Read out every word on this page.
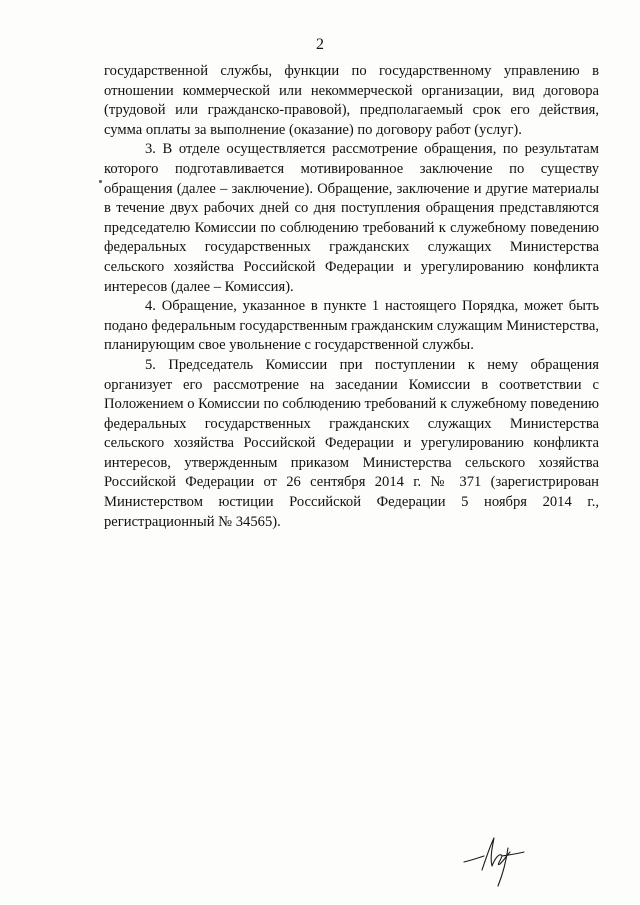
2

государственной службы, функции по государственному управлению в отношении коммерческой или некоммерческой организации, вид договора (трудовой или гражданско-правовой), предполагаемый срок его действия, сумма оплаты за выполнение (оказание) по договору работ (услуг).

3. В отделе осуществляется рассмотрение обращения, по результатам которого подготавливается мотивированное заключение по существу обращения (далее – заключение). Обращение, заключение и другие материалы в течение двух рабочих дней со дня поступления обращения представляются председателю Комиссии по соблюдению требований к служебному поведению федеральных государственных гражданских служащих Министерства сельского хозяйства Российской Федерации и урегулированию конфликта интересов (далее – Комиссия).

4. Обращение, указанное в пункте 1 настоящего Порядка, может быть подано федеральным государственным гражданским служащим Министерства, планирующим свое увольнение с государственной службы.

5. Председатель Комиссии при поступлении к нему обращения организует его рассмотрение на заседании Комиссии в соответствии с Положением о Комиссии по соблюдению требований к служебному поведению федеральных государственных гражданских служащих Министерства сельского хозяйства Российской Федерации и урегулированию конфликта интересов, утвержденным приказом Министерства сельского хозяйства Российской Федерации от 26 сентября 2014 г. № 371 (зарегистрирован Министерством юстиции Российской Федерации 5 ноября 2014 г., регистрационный № 34565).
